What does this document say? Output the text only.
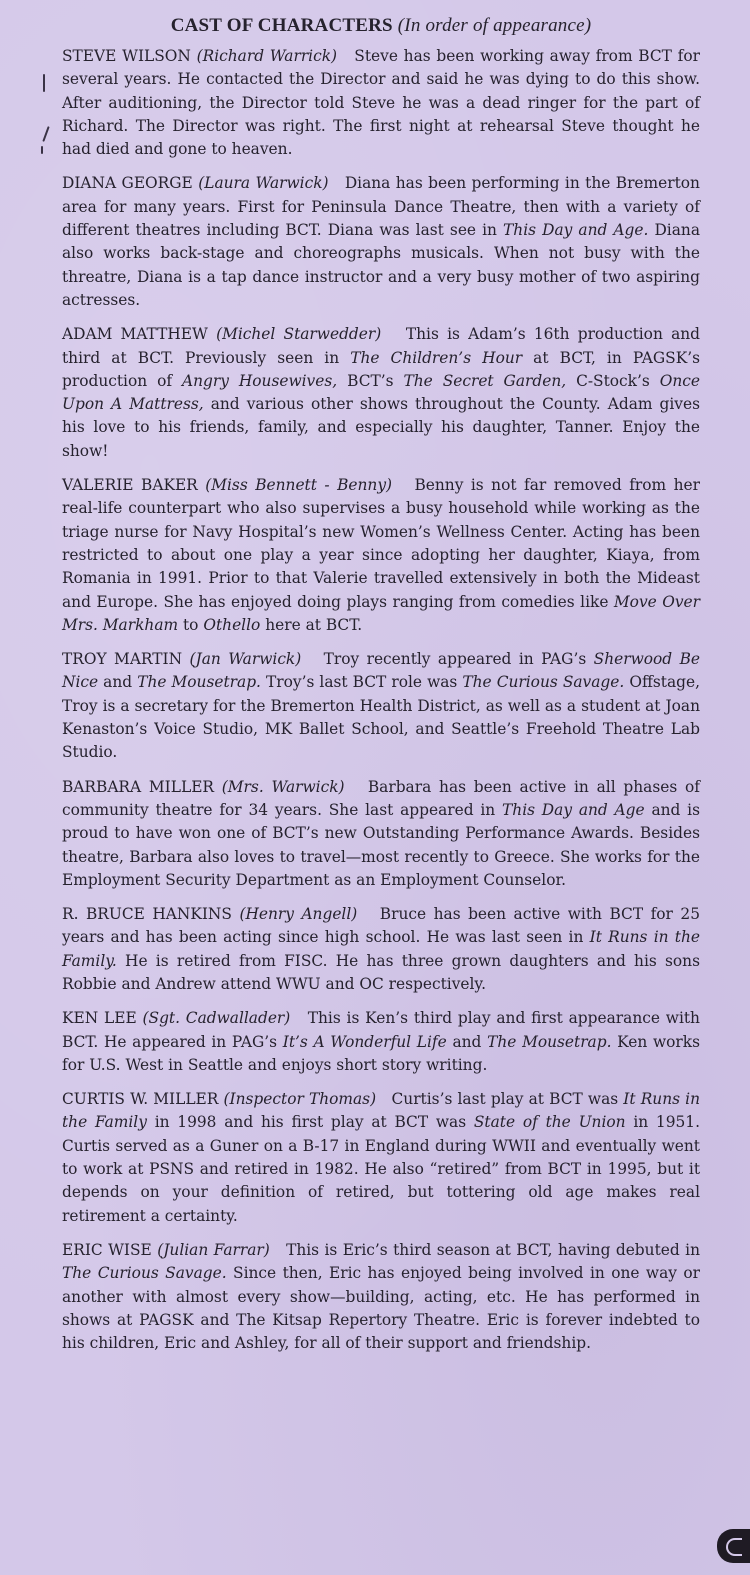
CAST OF CHARACTERS (In order of appearance)

STEVE WILSON (Richard Warrick) Steve has been working away from BCT for several years. He contacted the Director and said he was dying to do this show. After auditioning, the Director told Steve he was a dead ringer for the part of Richard. The Director was right. The first night at rehearsal Steve thought he had died and gone to heaven.

DIANA GEORGE (Laura Warwick) Diana has been performing in the Bremerton area for many years. First for Peninsula Dance Theatre, then with a variety of different theatres including BCT. Diana was last see in This Day and Age. Diana also works back-stage and choreographs musicals. When not busy with the threatre, Diana is a tap dance instructor and a very busy mother of two aspiring actresses.

ADAM MATTHEW (Michel Starwedder) This is Adam’s 16th production and third at BCT. Previously seen in The Children’s Hour at BCT, in PAGSK’s production of Angry Housewives, BCT’s The Secret Garden, C-Stock’s Once Upon A Mattress, and various other shows throughout the County. Adam gives his love to his friends, family, and especially his daughter, Tanner. Enjoy the show!

VALERIE BAKER (Miss Bennett - Benny) Benny is not far removed from her real-life counterpart who also supervises a busy household while working as the triage nurse for Navy Hospital’s new Women’s Wellness Center. Acting has been restricted to about one play a year since adopting her daughter, Kiaya, from Romania in 1991. Prior to that Valerie travelled extensively in both the Mideast and Europe. She has enjoyed doing plays ranging from comedies like Move Over Mrs. Markham to Othello here at BCT.

TROY MARTIN (Jan Warwick) Troy recently appeared in PAG’s Sherwood Be Nice and The Mousetrap. Troy’s last BCT role was The Curious Savage. Offstage, Troy is a secretary for the Bremerton Health District, as well as a student at Joan Kenaston’s Voice Studio, MK Ballet School, and Seattle’s Freehold Theatre Lab Studio.

BARBARA MILLER (Mrs. Warwick) Barbara has been active in all phases of community theatre for 34 years. She last appeared in This Day and Age and is proud to have won one of BCT’s new Outstanding Performance Awards. Besides theatre, Barbara also loves to travel—most recently to Greece. She works for the Employment Security Department as an Employment Counselor.

R. BRUCE HANKINS (Henry Angell) Bruce has been active with BCT for 25 years and has been acting since high school. He was last seen in It Runs in the Family. He is retired from FISC. He has three grown daughters and his sons Robbie and Andrew attend WWU and OC respectively.

KEN LEE (Sgt. Cadwallader) This is Ken’s third play and first appearance with BCT. He appeared in PAG’s It’s A Wonderful Life and The Mousetrap. Ken works for U.S. West in Seattle and enjoys short story writing.

CURTIS W. MILLER (Inspector Thomas) Curtis’s last play at BCT was It Runs in the Family in 1998 and his first play at BCT was State of the Union in 1951. Curtis served as a Guner on a B-17 in England during WWII and eventually went to work at PSNS and retired in 1982. He also “retired” from BCT in 1995, but it depends on your definition of retired, but tottering old age makes real retirement a certainty.

ERIC WISE (Julian Farrar) This is Eric’s third season at BCT, having debuted in The Curious Savage. Since then, Eric has enjoyed being involved in one way or another with almost every show—building, acting, etc. He has performed in shows at PAGSK and The Kitsap Repertory Theatre. Eric is forever indebted to his children, Eric and Ashley, for all of their support and friendship.
